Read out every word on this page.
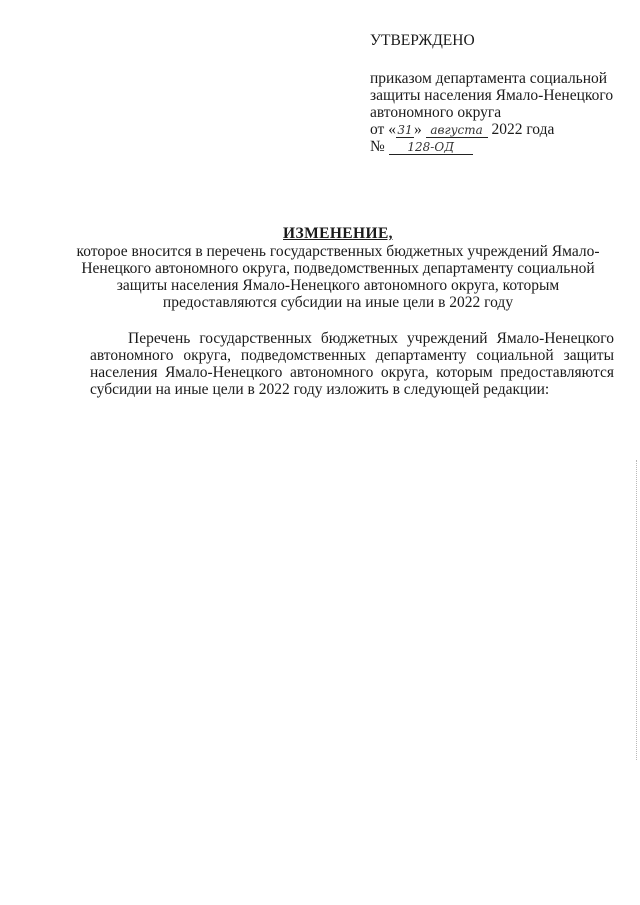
УТВЕРЖДЕНО
приказом департамента социальной
защиты населения Ямало-Ненецкого
автономного округа
от «31» августа 2022 года
№ 128-ОД
ИЗМЕНЕНИЕ,
которое вносится в перечень государственных бюджетных учреждений Ямало-
Ненецкого автономного округа, подведомственных департаменту социальной
защиты населения Ямало-Ненецкого автономного округа, которым
предоставляются субсидии на иные цели в 2022 году
Перечень государственных бюджетных учреждений Ямало-Ненецкого автономного округа, подведомственных департаменту социальной защиты населения Ямало-Ненецкого автономного округа, которым предоставляются субсидии на иные цели в 2022 году изложить в следующей редакции:
